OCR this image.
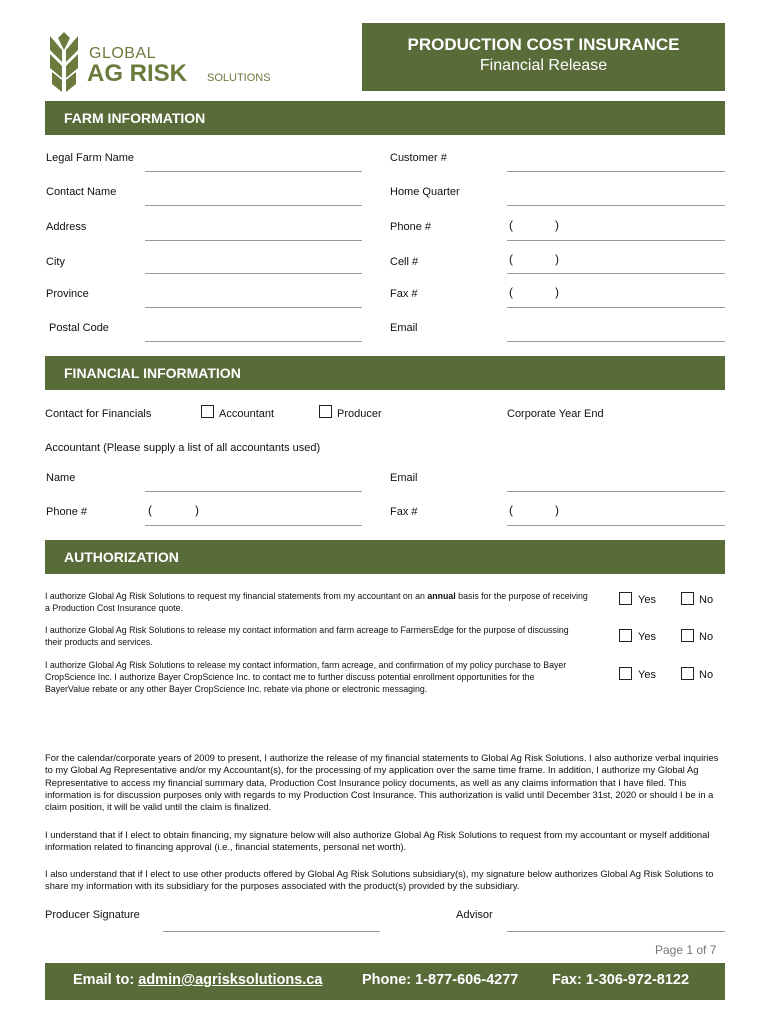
GLOBAL
AG RISK SOLUTIONS
PRODUCTION COST INSURANCE
Financial Release
FARM INFORMATION
Legal Farm Name	Customer #
Contact Name	Home Quarter
Address	Phone #	(	)
City	Cell #	(	)
Province	Fax #	(	)
Postal Code	Email
FINANCIAL INFORMATION
Contact for Financials	Accountant	Producer	Corporate Year End
Accountant (Please supply a list of all accountants used)
Name	Email
Phone #	(	)	Fax #	(	)
AUTHORIZATION
I authorize Global Ag Risk Solutions to request my financial statements from my accountant on an annual basis for the purpose of receiving a Production Cost Insurance quote.
Yes	No
I authorize Global Ag Risk Solutions to release my contact information and farm acreage to FarmersEdge for the purpose of discussing their products and services.	Yes	No
I authorize Global Ag Risk Solutions to release my contact information, farm acreage, and confirmation of my policy purchase to Bayer CropScience Inc. I authorize Bayer CropScience Inc. to contact me to further discuss potential enrollment opportunities for the BayerValue rebate or any other Bayer CropScience Inc. rebate via phone or electronic messaging.
Yes	No
For the calendar/corporate years of 2009 to present, I authorize the release of my financial statements to Global Ag Risk Solutions. I also authorize verbal inquiries to my Global Ag Representative and/or my Accountant(s), for the processing of my application over the same time frame. In addition, I authorize my Global Ag Representative to access my financial summary data, Production Cost Insurance policy documents, as well as any claims information that I have filed. This information is for discussion purposes only with regards to my Production Cost Insurance. This authorization is valid until December 31st, 2020 or should I be in a claim position, it will be valid until the claim is finalized.
I understand that if I elect to obtain financing, my signature below will also authorize Global Ag Risk Solutions to request from my accountant or myself additional information related to financing approval (i.e., financial statements, personal net worth).
I also understand that if I elect to use other products offered by Global Ag Risk Solutions subsidiary(s), my signature below authorizes Global Ag Risk Solutions to share my information with its subsidiary for the purposes associated with the product(s) provided by the subsidiary.
Producer Signature	Advisor
Page 1 of 7
Email to: admin@agrisksolutions.ca	Phone: 1-877-606-4277 Fax: 1-306-972-8122
